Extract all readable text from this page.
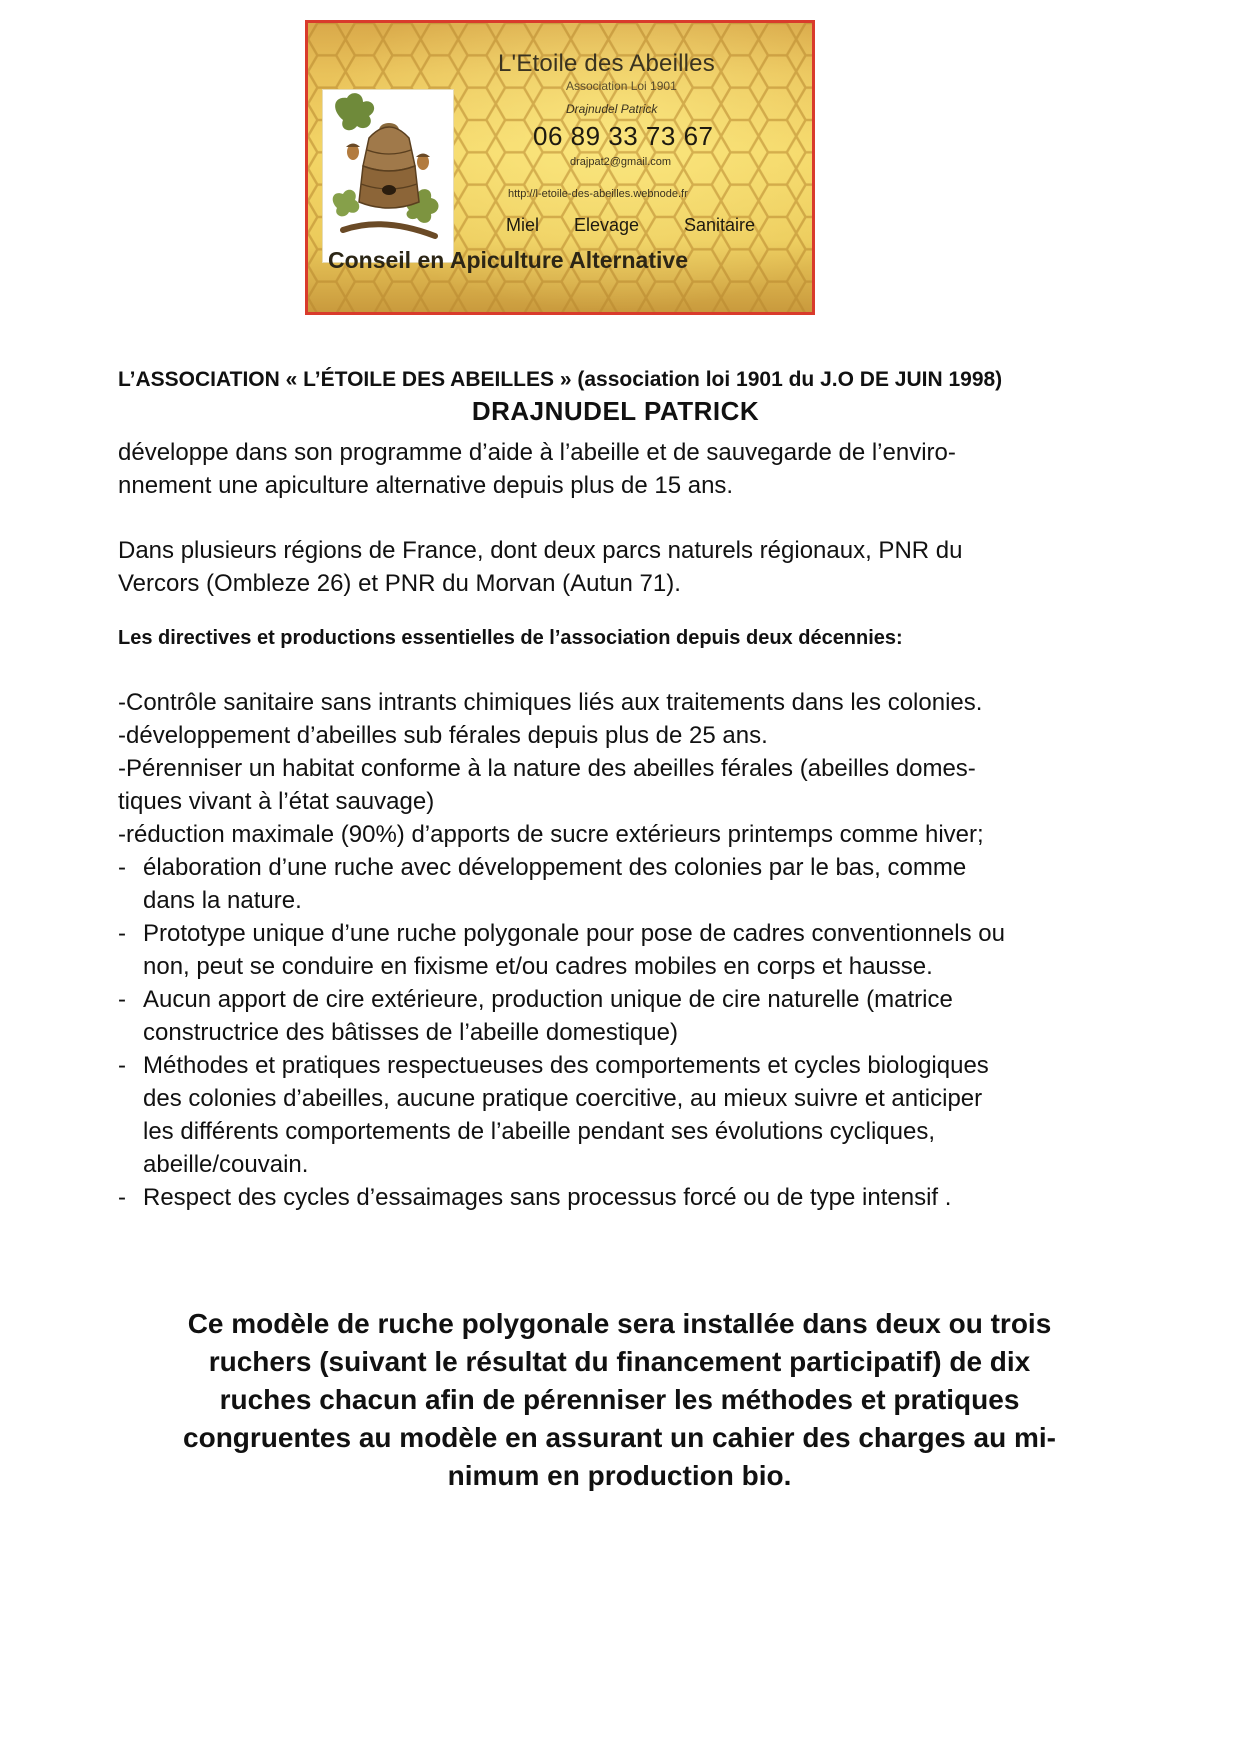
L'Etoile des Abeilles
Association Loi 1901
Drajnudel Patrick
06 89 33 73 67
drajpat2@gmail.com
http://l-etoile-des-abeilles.webnode.fr
Miel Elevage Sanitaire
Conseil en Apiculture Alternative
L’ASSOCIATION « L’ÉTOILE DES ABEILLES » (association loi 1901 du J.O DE JUIN 1998)
DRAJNUDEL PATRICK
développe dans son programme d’aide à l’abeille et de sauvegarde de l’enviro-
nnement une apiculture alternative depuis plus de 15 ans.
Dans plusieurs régions de France, dont deux parcs naturels régionaux, PNR du
Vercors (Ombleze 26) et PNR du Morvan (Autun 71).
Les directives et productions essentielles de l’association depuis deux décennies:
-Contrôle sanitaire sans intrants chimiques liés aux traitements dans les colonies.
-développement d’abeilles sub férales depuis plus de 25 ans.
-Pérenniser un habitat conforme à la nature des abeilles férales (abeilles domes-
tiques vivant à l’état sauvage)
-réduction maximale (90%) d’apports de sucre extérieurs printemps comme hiver;
- élaboration d’une ruche avec développement des colonies par le bas, comme
dans la nature.
- Prototype unique d’une ruche polygonale pour pose de cadres conventionnels ou
non, peut se conduire en fixisme et/ou cadres mobiles en corps et hausse.
- Aucun apport de cire extérieure, production unique de cire naturelle (matrice
constructrice des bâtisses de l’abeille domestique)
- Méthodes et pratiques respectueuses des comportements et cycles biologiques
des colonies d’abeilles, aucune pratique coercitive, au mieux suivre et anticiper
les différents comportements de l’abeille pendant ses évolutions cycliques,
abeille/couvain.
- Respect des cycles d’essaimages sans processus forcé ou de type intensif .
Ce modèle de ruche polygonale sera installée dans deux ou trois
ruchers (suivant le résultat du financement participatif) de dix
ruches chacun afin de pérenniser les méthodes et pratiques
congruentes au modèle en assurant un cahier des charges au mi-
nimum en production bio.
